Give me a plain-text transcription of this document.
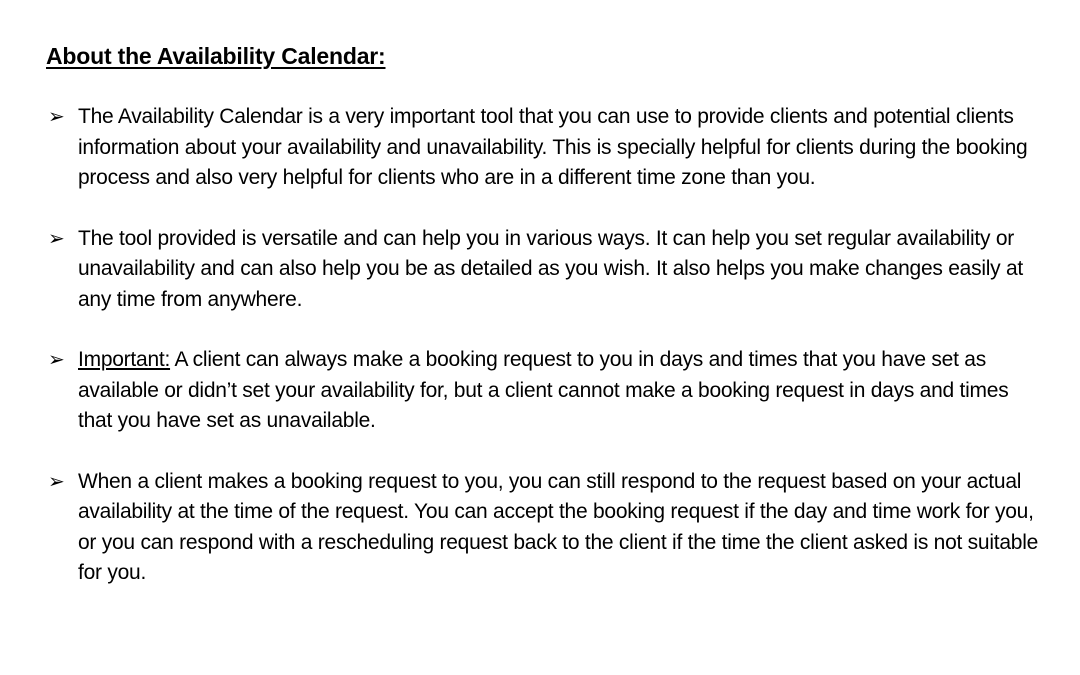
About the Availability Calendar:
➢ The Availability Calendar is a very important tool that you can use to provide clients and potential clients information about your availability and unavailability. This is specially helpful for clients during the booking process and also very helpful for clients who are in a different time zone than you.
➢ The tool provided is versatile and can help you in various ways. It can help you set regular availability or unavailability and can also help you be as detailed as you wish. It also helps you make changes easily at any time from anywhere.
➢ Important: A client can always make a booking request to you in days and times that you have set as available or didn’t set your availability for, but a client cannot make a booking request in days and times that you have set as unavailable.
➢ When a client makes a booking request to you, you can still respond to the request based on your actual availability at the time of the request. You can accept the booking request if the day and time work for you, or you can respond with a rescheduling request back to the client if the time the client asked is not suitable for you.
